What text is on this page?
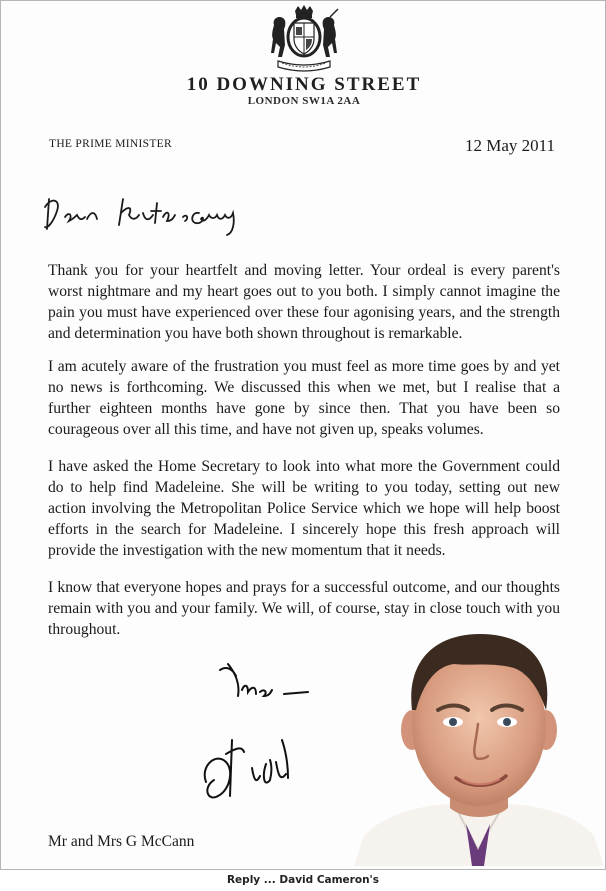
10 DOWNING STREET
LONDON SW1A 2AA
THE PRIME MINISTER	12 May 2011

Thank you for your heartfelt and moving letter. Your ordeal is every parent's worst nightmare and my heart goes out to you both. I simply cannot imagine the pain you must have experienced over these four agonising years, and the strength and determination you have both shown throughout is remarkable.

I am acutely aware of the frustration you must feel as more time goes by and yet no news is forthcoming. We discussed this when we met, but I realise that a further eighteen months have gone by since then. That you have been so courageous over all this time, and have not given up, speaks volumes.

I have asked the Home Secretary to look into what more the Government could do to help find Madeleine. She will be writing to you today, setting out new action involving the Metropolitan Police Service which we hope will help boost efforts in the search for Madeleine. I sincerely hope this fresh approach will provide the investigation with the new momentum that it needs.

I know that everyone hopes and prays for a successful outcome, and our thoughts remain with you and your family. We will, of course, stay in close touch with you throughout.

Mr and Mrs G McCann
Reply ... David Cameron's
